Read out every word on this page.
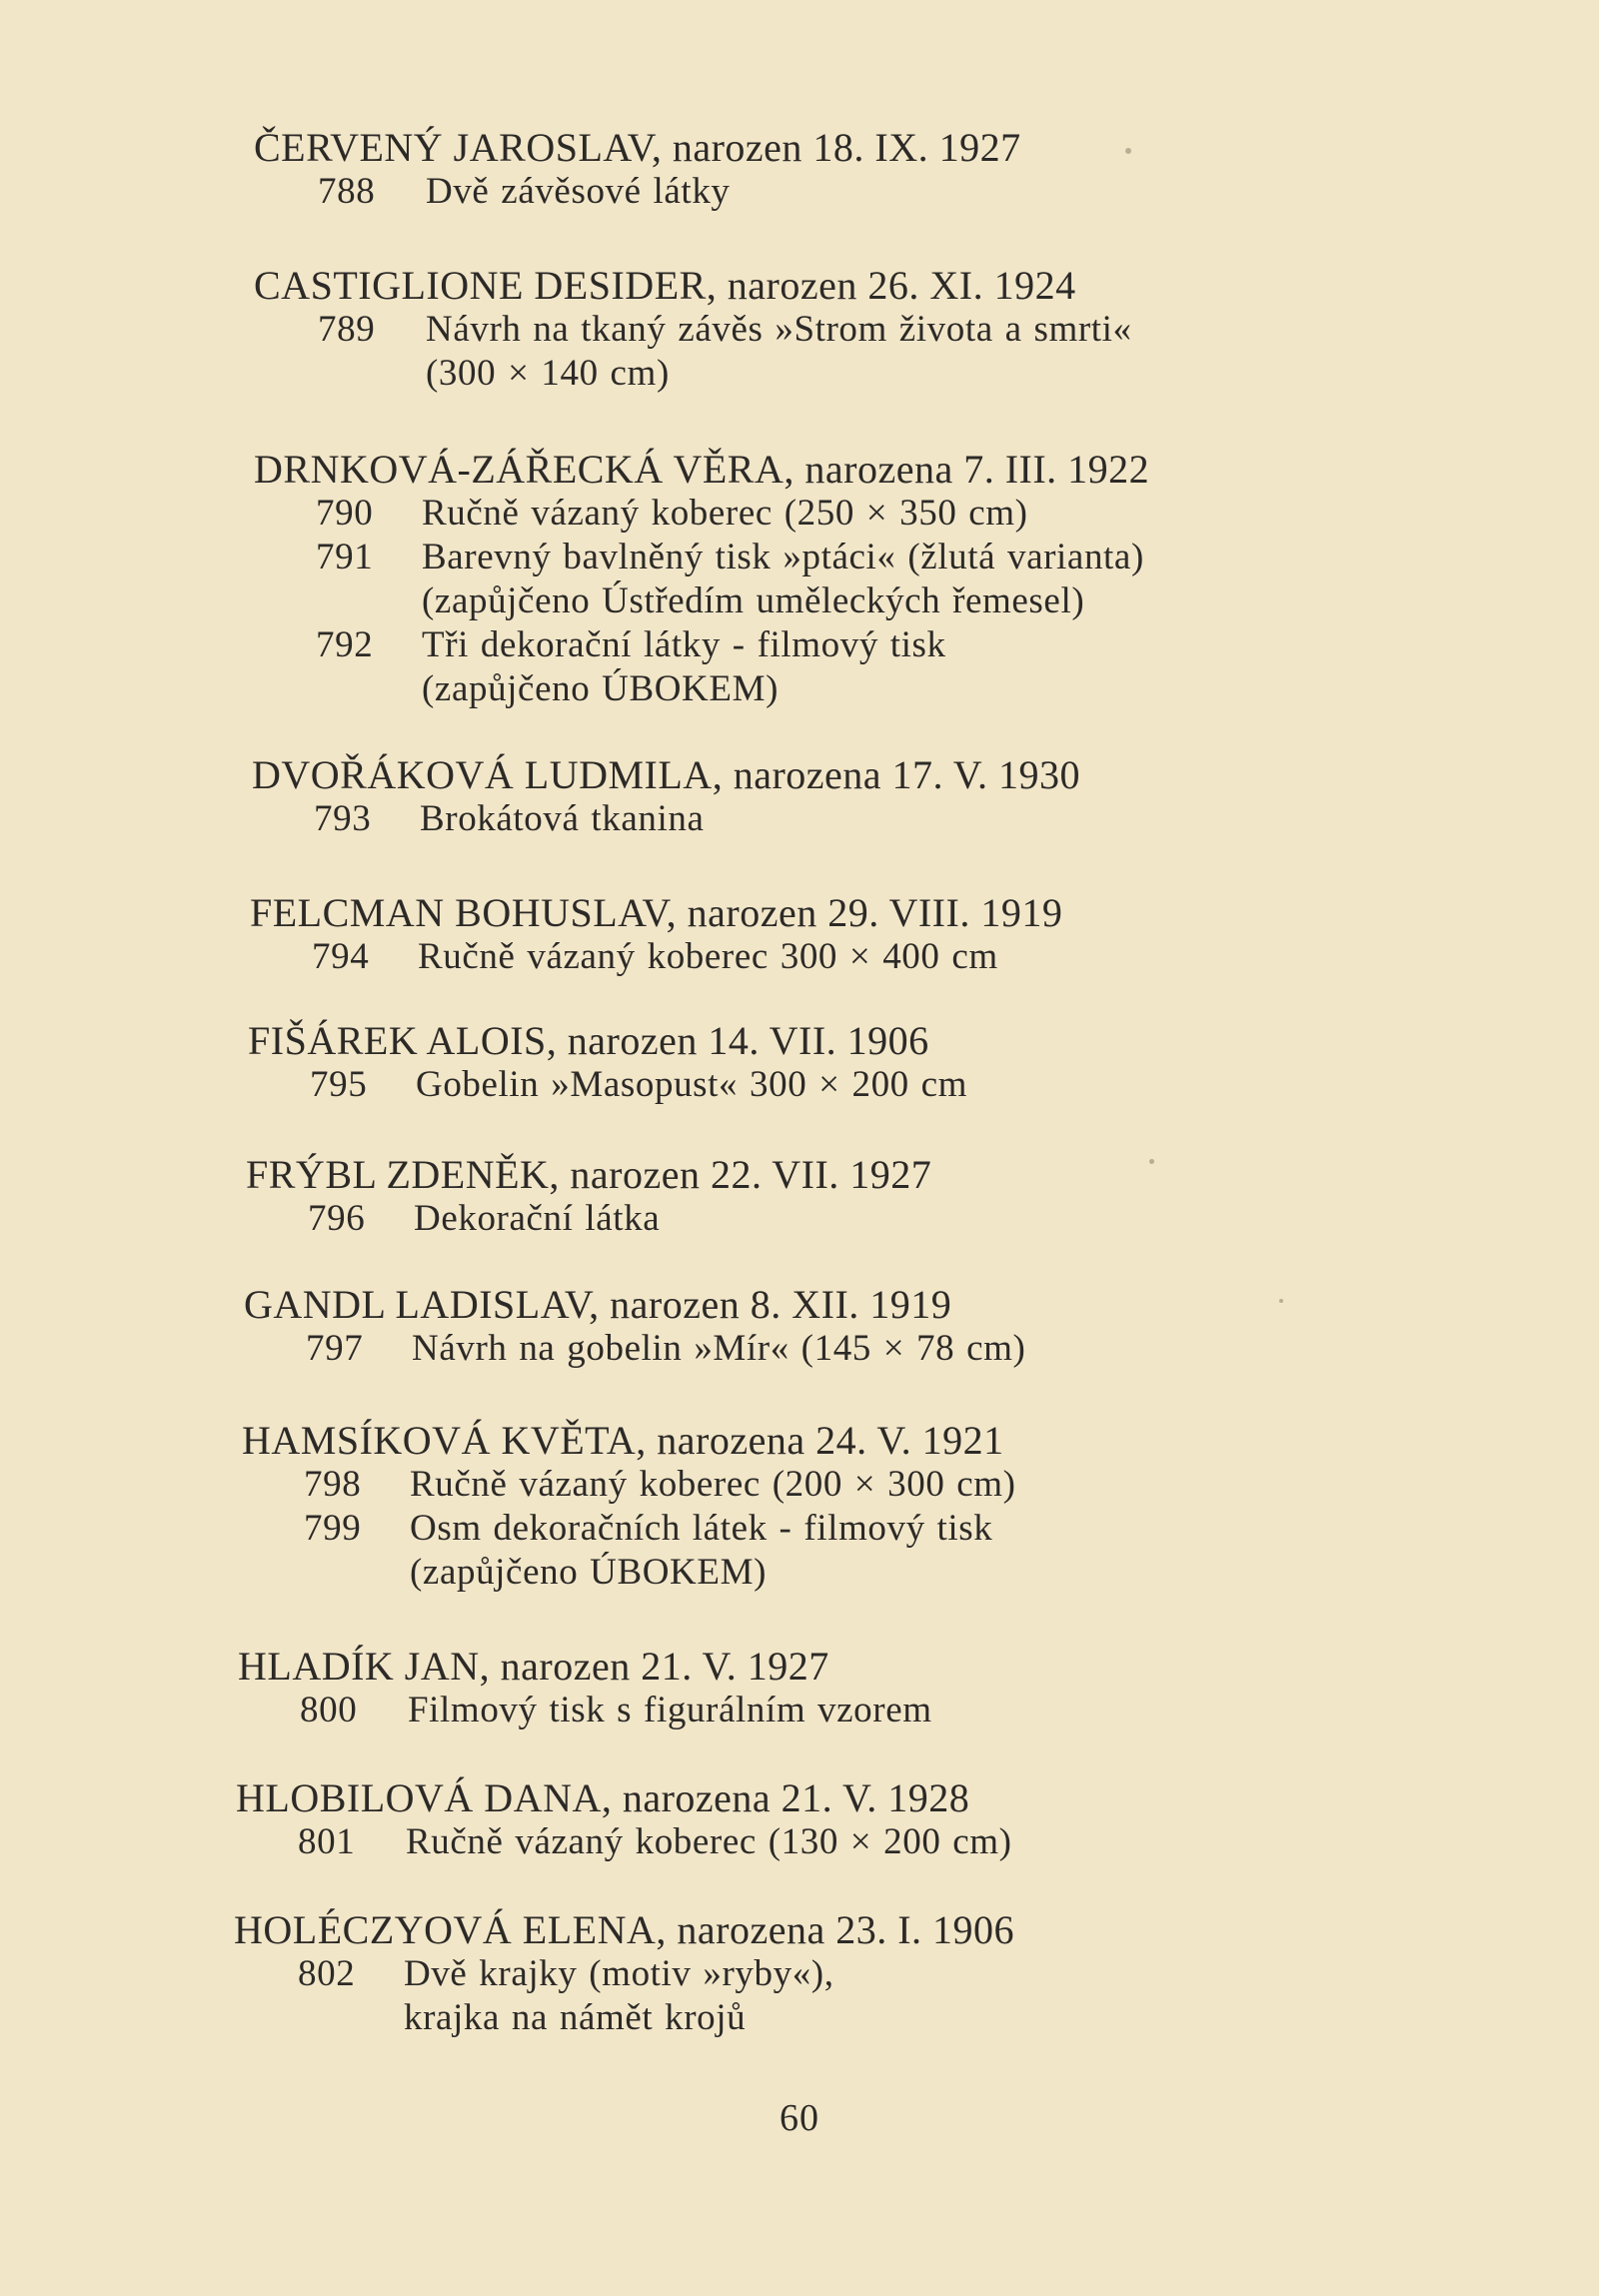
ČERVENÝ JAROSLAV, narozen 18. IX. 1927
788 Dvě závěsové látky
CASTIGLIONE DESIDER, narozen 26. XI. 1924
789 Návrh na tkaný závěs »Strom života a smrti«
(300 × 140 cm)
DRNKOVÁ-ZÁŘECKÁ VĚRA, narozena 7. III. 1922
790 Ručně vázaný koberec (250 × 350 cm)
791 Barevný bavlněný tisk »ptáci« (žlutá varianta)
(zapůjčeno Ústředím uměleckých řemesel)
792 Tři dekorační látky - filmový tisk
(zapůjčeno ÚBOKEM)
DVOŘÁKOVÁ LUDMILA, narozena 17. V. 1930
793 Brokátová tkanina
FELCMAN BOHUSLAV, narozen 29. VIII. 1919
794 Ručně vázaný koberec 300 × 400 cm
FIŠÁREK ALOIS, narozen 14. VII. 1906
795 Gobelin »Masopust« 300 × 200 cm
FRÝBL ZDENĚK, narozen 22. VII. 1927
796 Dekorační látka
GANDL LADISLAV, narozen 8. XII. 1919
797 Návrh na gobelin »Mír« (145 × 78 cm)
HAMSÍKOVÁ KVĚTA, narozena 24. V. 1921
798 Ručně vázaný koberec (200 × 300 cm)
799 Osm dekoračních látek - filmový tisk
(zapůjčeno ÚBOKEM)
HLADÍK JAN, narozen 21. V. 1927
800 Filmový tisk s figurálním vzorem
HLOBILOVÁ DANA, narozena 21. V. 1928
801 Ručně vázaný koberec (130 × 200 cm)
HOLÉCZYOVÁ ELENA, narozena 23. I. 1906
802 Dvě krajky (motiv »ryby«),
krajka na námět krojů
60
